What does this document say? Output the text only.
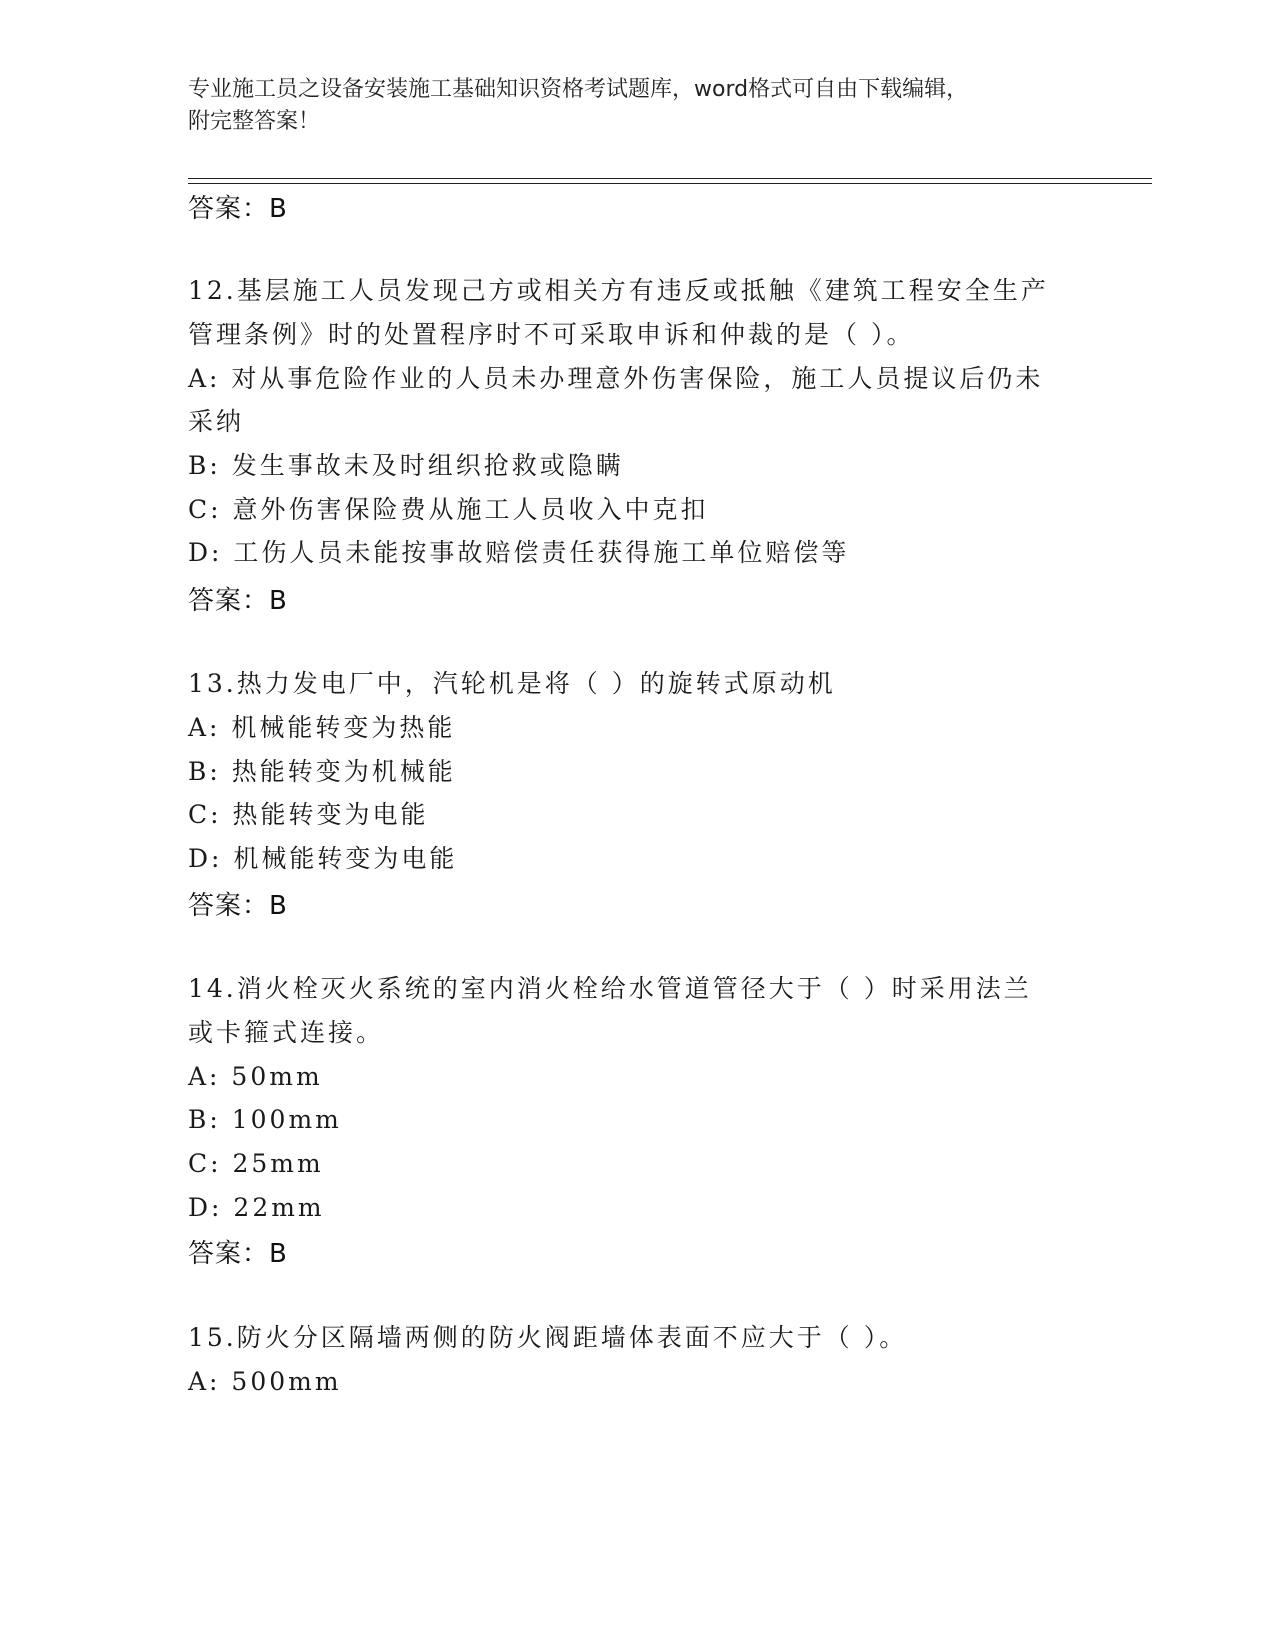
专业施工员之设备安装施工基础知识资格考试题库，word格式可自由下载编辑，
附完整答案！
答案：B
12.基层施工人员发现己方或相关方有违反或抵触《建筑工程安全生产
管理条例》时的处置程序时不可采取申诉和仲裁的是（ ）。
A: 对从事危险作业的人员未办理意外伤害保险，施工人员提议后仍未
采纳
B: 发生事故未及时组织抢救或隐瞒
C: 意外伤害保险费从施工人员收入中克扣
D: 工伤人员未能按事故赔偿责任获得施工单位赔偿等
答案：B
13.热力发电厂中，汽轮机是将（ ）的旋转式原动机
A: 机械能转变为热能
B: 热能转变为机械能
C: 热能转变为电能
D: 机械能转变为电能
答案：B
14.消火栓灭火系统的室内消火栓给水管道管径大于（ ）时采用法兰
或卡箍式连接。
A: 50mm
B: 100mm
C: 25mm
D: 22mm
答案：B
15.防火分区隔墙两侧的防火阀距墙体表面不应大于（ ）。
A: 500mm
